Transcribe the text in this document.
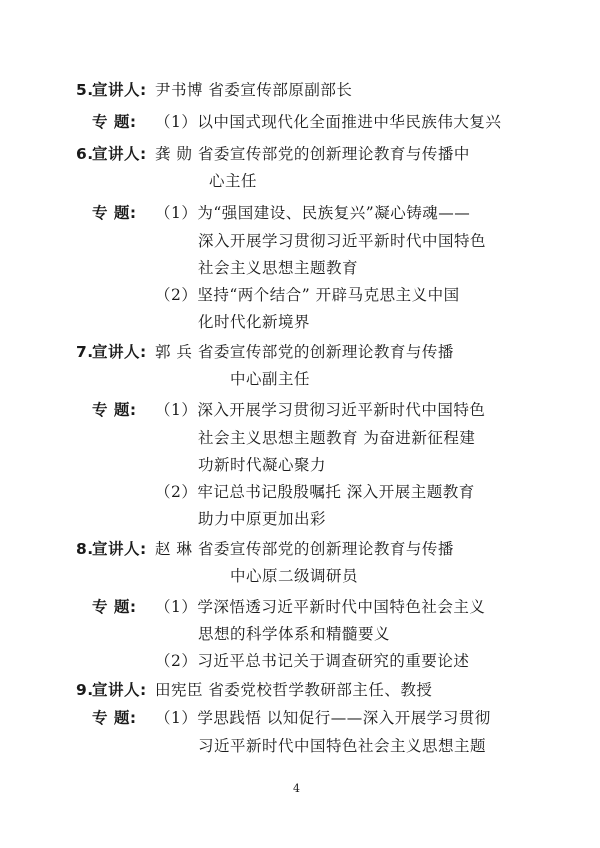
5.
宣讲人: 尹书博 省委宣传部原副部长
专 题: （1）以中国式现代化全面推进中华民族伟大复兴
6.
宣讲人: 龚 勋 省委宣传部党的创新理论教育与传播中
心主任
专 题: （1）为“强国建设、民族复兴”凝心铸魂——
深入开展学习贯彻习近平新时代中国特色
社会主义思想主题教育
（2）坚持“两个结合” 开辟马克思主义中国
化时代化新境界
7.
宣讲人: 郭 兵 省委宣传部党的创新理论教育与传播
中心副主任
专 题: （1）深入开展学习贯彻习近平新时代中国特色
社会主义思想主题教育 为奋进新征程建
功新时代凝心聚力
（2）牢记总书记殷殷嘱托 深入开展主题教育
助力中原更加出彩
8.
宣讲人: 赵 琳 省委宣传部党的创新理论教育与传播
中心原二级调研员
专 题: （1）学深悟透习近平新时代中国特色社会主义
思想的科学体系和精髓要义
（2）习近平总书记关于调查研究的重要论述
9.
宣讲人: 田宪臣 省委党校哲学教研部主任、教授
专 题: （1）学思践悟 以知促行——深入开展学习贯彻
习近平新时代中国特色社会主义思想主题
4
